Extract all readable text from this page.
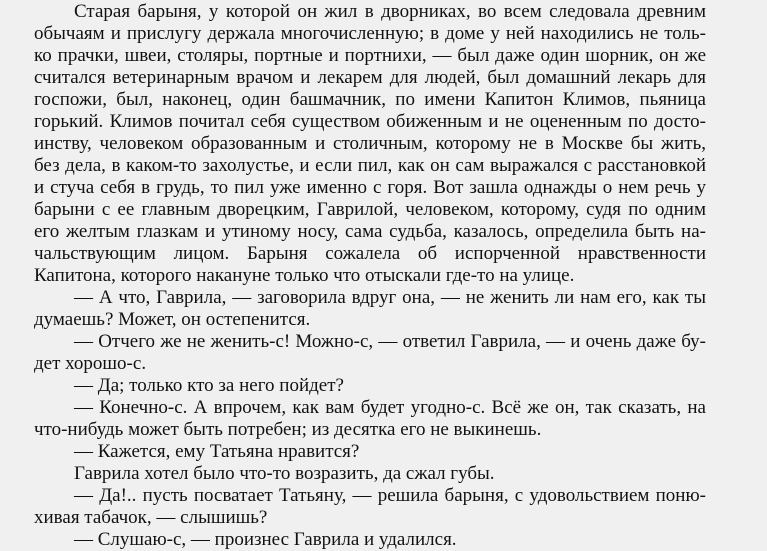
Старая барыня, у которой он жил в дворниках, во всем следовала древним
обычаям и прислугу держала многочисленную; в доме у ней находились не толь-
ко прачки, швеи, столяры, портные и портнихи, — был даже один шорник, он же
считался ветеринарным врачом и лекарем для людей, был домашний лекарь для
госпожи, был, наконец, один башмачник, по имени Капитон Климов, пьяница
горький. Климов почитал себя существом обиженным и не оцененным по досто-
инству, человеком образованным и столичным, которому не в Москве бы жить,
без дела, в каком-то захолустье, и если пил, как он сам выражался с расстановкой
и стуча себя в грудь, то пил уже именно с горя. Вот зашла однажды о нем речь у
барыни с ее главным дворецким, Гаврилой, человеком, которому, судя по одним
его желтым глазкам и утиному носу, сама судьба, казалось, определила быть на-
чальствующим лицом. Барыня сожалела об испорченной нравственности
Капитона, которого накануне только что отыскали где-то на улице.
— А что, Гаврила, — заговорила вдруг она, — не женить ли нам его, как ты
думаешь? Может, он остепенится.
— Отчего же не женить-с! Можно-с, — ответил Гаврила, — и очень даже бу-
дет хорошо-с.
— Да; только кто за него пойдет?
— Конечно-с. А впрочем, как вам будет угодно-с. Всё же он, так сказать, на
что-нибудь может быть потребен; из десятка его не выкинешь.
— Кажется, ему Татьяна нравится?
Гаврила хотел было что-то возразить, да сжал губы.
— Да!.. пусть посватает Татьяну, — решила барыня, с удовольствием поню-
хивая табачок, — слышишь?
— Слушаю-с, — произнес Гаврила и удалился.
